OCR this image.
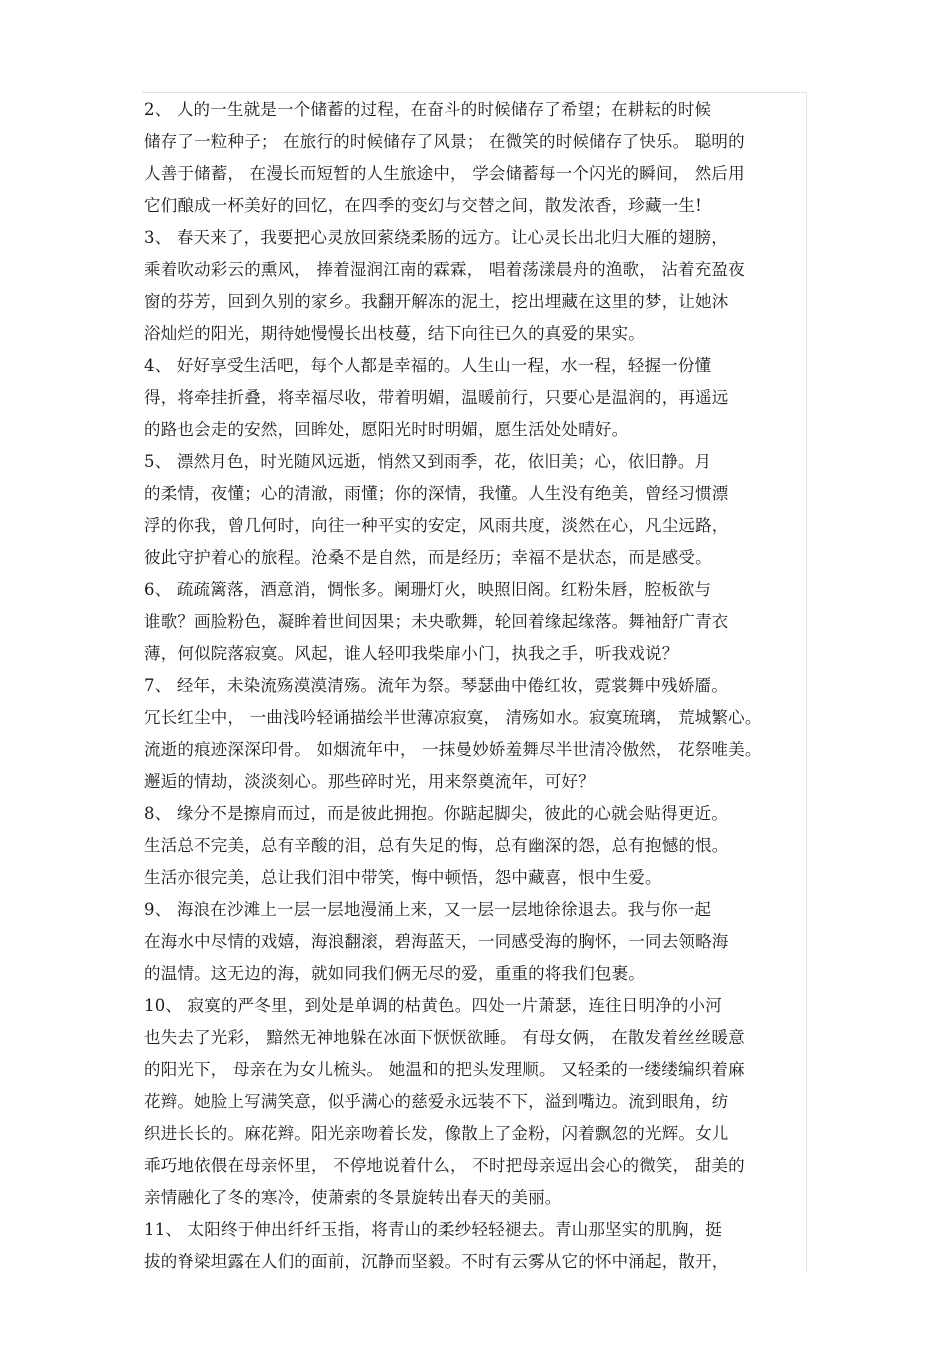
2、 人的一生就是一个储蓄的过程，在奋斗的时候储存了希望；在耕耘的时候
储存了一粒种子； 在旅行的时候储存了风景； 在微笑的时候储存了快乐。 聪明的
人善于储蓄， 在漫长而短暂的人生旅途中， 学会储蓄每一个闪光的瞬间， 然后用
它们酿成一杯美好的回忆，在四季的变幻与交替之间，散发浓香，珍藏一生!
3、 春天来了，我要把心灵放回萦绕柔肠的远方。让心灵长出北归大雁的翅膀，
乘着吹动彩云的熏风， 捧着湿润江南的霖霖， 唱着荡漾晨舟的渔歌， 沾着充盈夜
窗的芬芳，回到久别的家乡。我翻开解冻的泥土，挖出埋藏在这里的梦，让她沐
浴灿烂的阳光，期待她慢慢长出枝蔓，结下向往已久的真爱的果实。
4、 好好享受生活吧，每个人都是幸福的。人生山一程，水一程，轻握一份懂
得，将牵挂折叠，将幸福尽收，带着明媚，温暖前行，只要心是温润的，再遥远
的路也会走的安然，回眸处，愿阳光时时明媚，愿生活处处晴好。
5、 漂然月色，时光随风远逝，悄然又到雨季，花，依旧美；心，依旧静。月
的柔情，夜懂；心的清澈，雨懂；你的深情，我懂。人生没有绝美，曾经习惯漂
浮的你我，曾几何时，向往一种平实的安定，风雨共度，淡然在心，凡尘远路，
彼此守护着心的旅程。沧桑不是自然，而是经历；幸福不是状态，而是感受。
6、 疏疏篱落，酒意消，惆怅多。阑珊灯火，映照旧阁。红粉朱唇，腔板欲与
谁歌？画脸粉色，凝眸着世间因果；未央歌舞，轮回着缘起缘落。舞袖舒广青衣
薄，何似院落寂寞。风起，谁人轻叩我柴扉小门，执我之手，听我戏说？
7、 经年，未染流殇漠漠清殇。流年为祭。琴瑟曲中倦红妆，霓裳舞中残娇靥。
冗长红尘中， 一曲浅吟轻诵描绘半世薄凉寂寞， 清殇如水。寂寞琉璃， 荒城繁心。
流逝的痕迹深深印骨。 如烟流年中， 一抹曼妙娇羞舞尽半世清冷傲然， 花祭唯美。
邂逅的情劫，淡淡刻心。那些碎时光，用来祭奠流年，可好？
8、 缘分不是擦肩而过，而是彼此拥抱。你踮起脚尖，彼此的心就会贴得更近。
生活总不完美，总有辛酸的泪，总有失足的悔，总有幽深的怨，总有抱憾的恨。
生活亦很完美，总让我们泪中带笑，悔中顿悟，怨中藏喜，恨中生爱。
9、 海浪在沙滩上一层一层地漫涌上来，又一层一层地徐徐退去。我与你一起
在海水中尽情的戏嬉，海浪翻滚，碧海蓝天，一同感受海的胸怀，一同去领略海
的温情。这无边的海，就如同我们俩无尽的爱，重重的将我们包裹。
10、 寂寞的严冬里，到处是单调的枯黄色。四处一片萧瑟，连往日明净的小河
也失去了光彩， 黯然无神地躲在冰面下恹恹欲睡。 有母女俩， 在散发着丝丝暖意
的阳光下， 母亲在为女儿梳头。 她温和的把头发理顺。 又轻柔的一缕缕编织着麻
花辫。她脸上写满笑意，似乎满心的慈爱永远装不下，溢到嘴边。流到眼角，纺
织进长长的。麻花辫。阳光亲吻着长发，像散上了金粉，闪着飘忽的光辉。女儿
乖巧地依偎在母亲怀里， 不停地说着什么， 不时把母亲逗出会心的微笑， 甜美的
亲情融化了冬的寒冷，使萧索的冬景旋转出春天的美丽。
11、 太阳终于伸出纤纤玉指，将青山的柔纱轻轻褪去。青山那坚实的肌胸，挺
拔的脊梁坦露在人们的面前，沉静而坚毅。不时有云雾从它的怀中涌起，散开，
